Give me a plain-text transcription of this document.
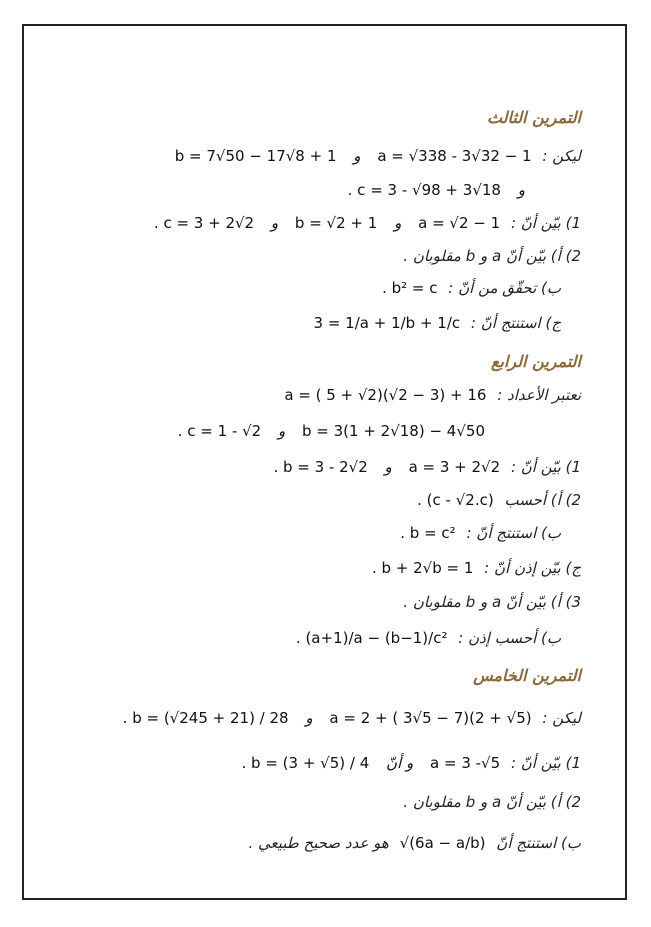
التمرين الثالث
ليكن : a = √338 - 3√32 − 1 و b = 7√50 − 17√8 + 1
و . c = 3 - √98 + 3√18
1) بيّن أنّ : a = √2 − 1 و b = √2 + 1 و . c = 3 + 2√2
2) أ) بيّن أنّ a و b مقلوبان .
ب) تحقّق من أنّ : . b² = c
ج) استنتج أنّ : 3 = 1/a + 1/b + 1/c
التمرين الرابع
نعتبر الأعداد : a = ( 5 + √2)(√2 − 3) + 16
b = 3(1 + 2√18) − 4√50 و . c = 1 - √2
1) بيّن أنّ : a = 3 + 2√2 و . b = 3 - 2√2
2) أ) أحسب . (c - √2.c)
ب) استنتج أنّ : . b = c²
ج) بيّن إذن أنّ : . b + 2√b = 1
3) أ) بيّن أنّ a و b مقلوبان .
ب) أحسب إذن : . (a+1)/a − (b−1)/c²
التمرين الخامس
ليكن : a = 2 + ( 3√5 − 7)(2 + √5) و . b = (√245 + 21) / 28
1) بيّن أنّ : a = 3 -√5 و أنّ . b = (3 + √5) / 4
2) أ) بيّن أنّ a و b مقلوبان .
ب) استنتج أنّ √(6a − a/b) هو عدد صحيح طبيعي .
